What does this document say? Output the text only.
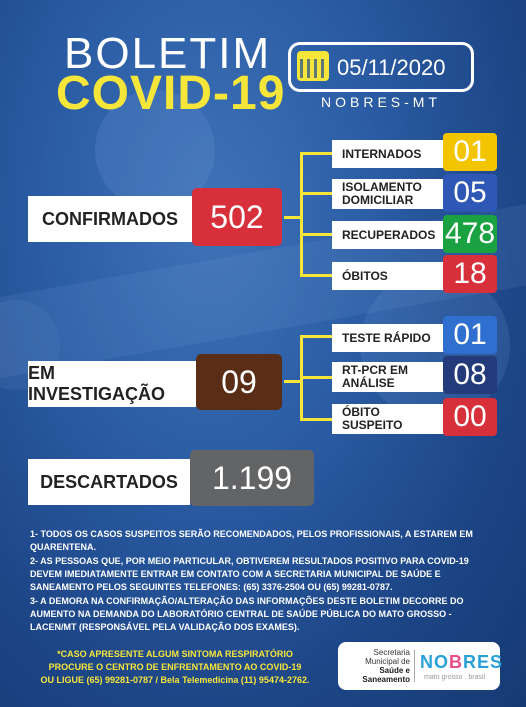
BOLETIM
COVID-19 05/11/2020
NOBRES-MT
CONFIRMADOS	502
INTERNADOS	01
ISOLAMENTO
DOMICILIAR	05
RECUPERADOS 478
ÓBITOS	18
EM INVESTIGAÇÃO	09
TESTE RÁPIDO 01
RT-PCR EM
ANÁLISE	08
ÓBITO
SUSPEITO	00
DESCARTADOS	1.199

1- TODOS OS CASOS SUSPEITOS SERÃO RECOMENDADOS, PELOS PROFISSIONAIS, A ESTAREM EM QUARENTENA.

2- AS PESSOAS QUE, POR MEIO PARTICULAR, OBTIVEREM RESULTADOS POSITIVO PARA COVID-19 DEVEM IMEDIATAMENTE ENTRAR EM CONTATO COM A SECRETARIA MUNICIPAL DE SAÚDE E SANEAMENTO PELOS SEGUINTES TELEFONES: (65) 3376-2504 OU (65) 99281-0787.

3- A DEMORA NA CONFIRMAÇÃO/ALTERAÇÃO DAS INFORMAÇÕES DESTE BOLETIM DECORRE DO AUMENTO NA DEMANDA DO LABORATÓRIO CENTRAL DE SAÚDE PÚBLICA DO MATO GROSSO - LACEN/MT (RESPONSÁVEL PELA VALIDAÇÃO DOS EXAMES).

*CASO APRESENTE ALGUM SINTOMA RESPIRATÓRIO
PROCURE O CENTRO DE ENFRENTAMENTO AO COVID-19
OU LIGUE (65) 99281-0787 / Bela Telemedicina (11) 95474-2762.
Secretaria
Municipal de
Saúde e
Saneamento
NOBRES
mato grosso . brasil
